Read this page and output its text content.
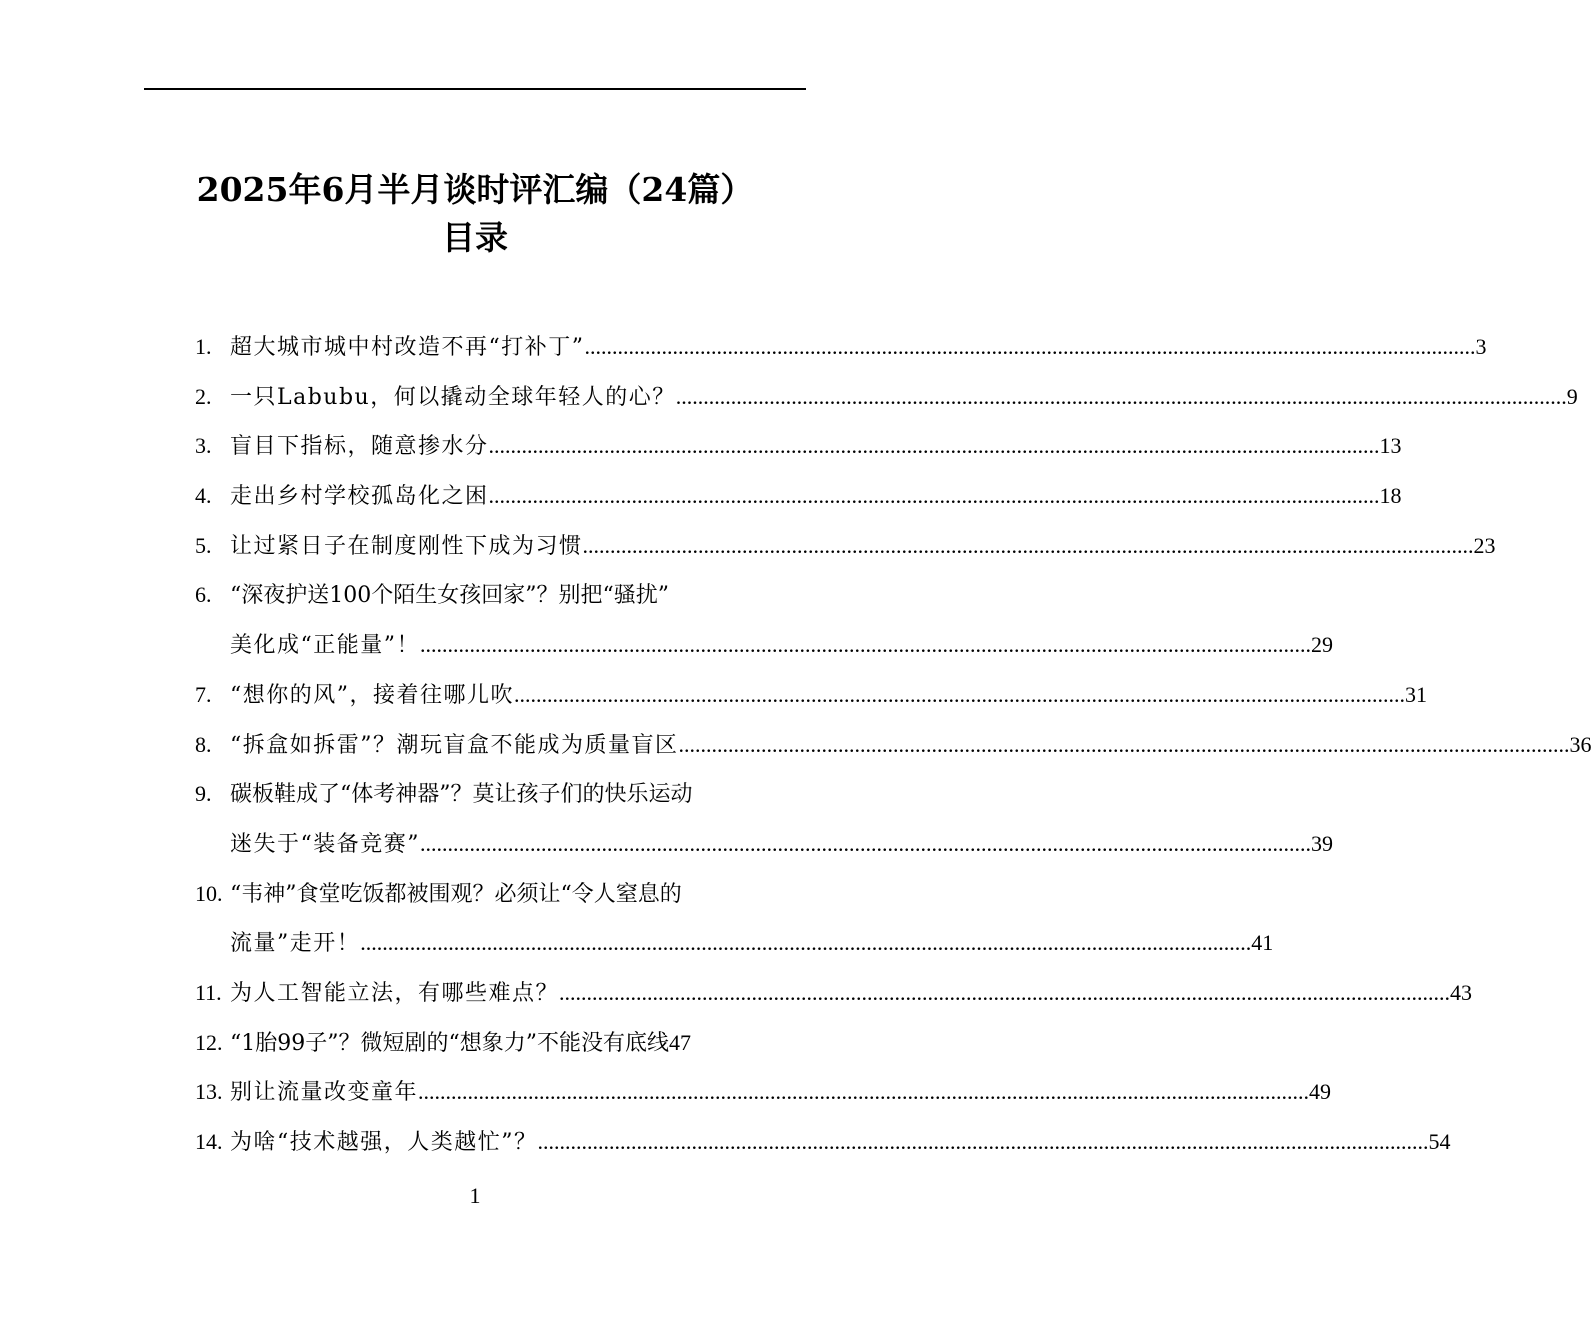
2025年6月半月谈时评汇编（24篇）
目录
1. 超大城市城中村改造不再“打补丁” .....	3
2. 一只Labubu，何以撬动全球年轻人的心？ .....	9
3. 盲目下指标，随意掺水分 .....	13
4. 走出乡村学校孤岛化之困 .....	18
5. 让过紧日子在制度刚性下成为习惯 .....	23
6. “深夜护送100个陌生女孩回家”？别把“骚扰”
美化成“正能量”！ .....	29
7. “想你的风”，接着往哪儿吹 .....	31
8. “拆盒如拆雷”？潮玩盲盒不能成为质量盲区 .....	36
9. 碳板鞋成了“体考神器”？莫让孩子们的快乐运动
迷失于“装备竞赛” .....	39
10. “韦神”食堂吃饭都被围观？必须让“令人窒息的
流量”走开！ .....	41
11. 为人工智能立法，有哪些难点？ .....	43
12. “1胎99子”？微短剧的“想象力”不能没有底线 47
13. 别让流量改变童年 .....	49
14. 为啥“技术越强，人类越忙”？ .....	54
1
